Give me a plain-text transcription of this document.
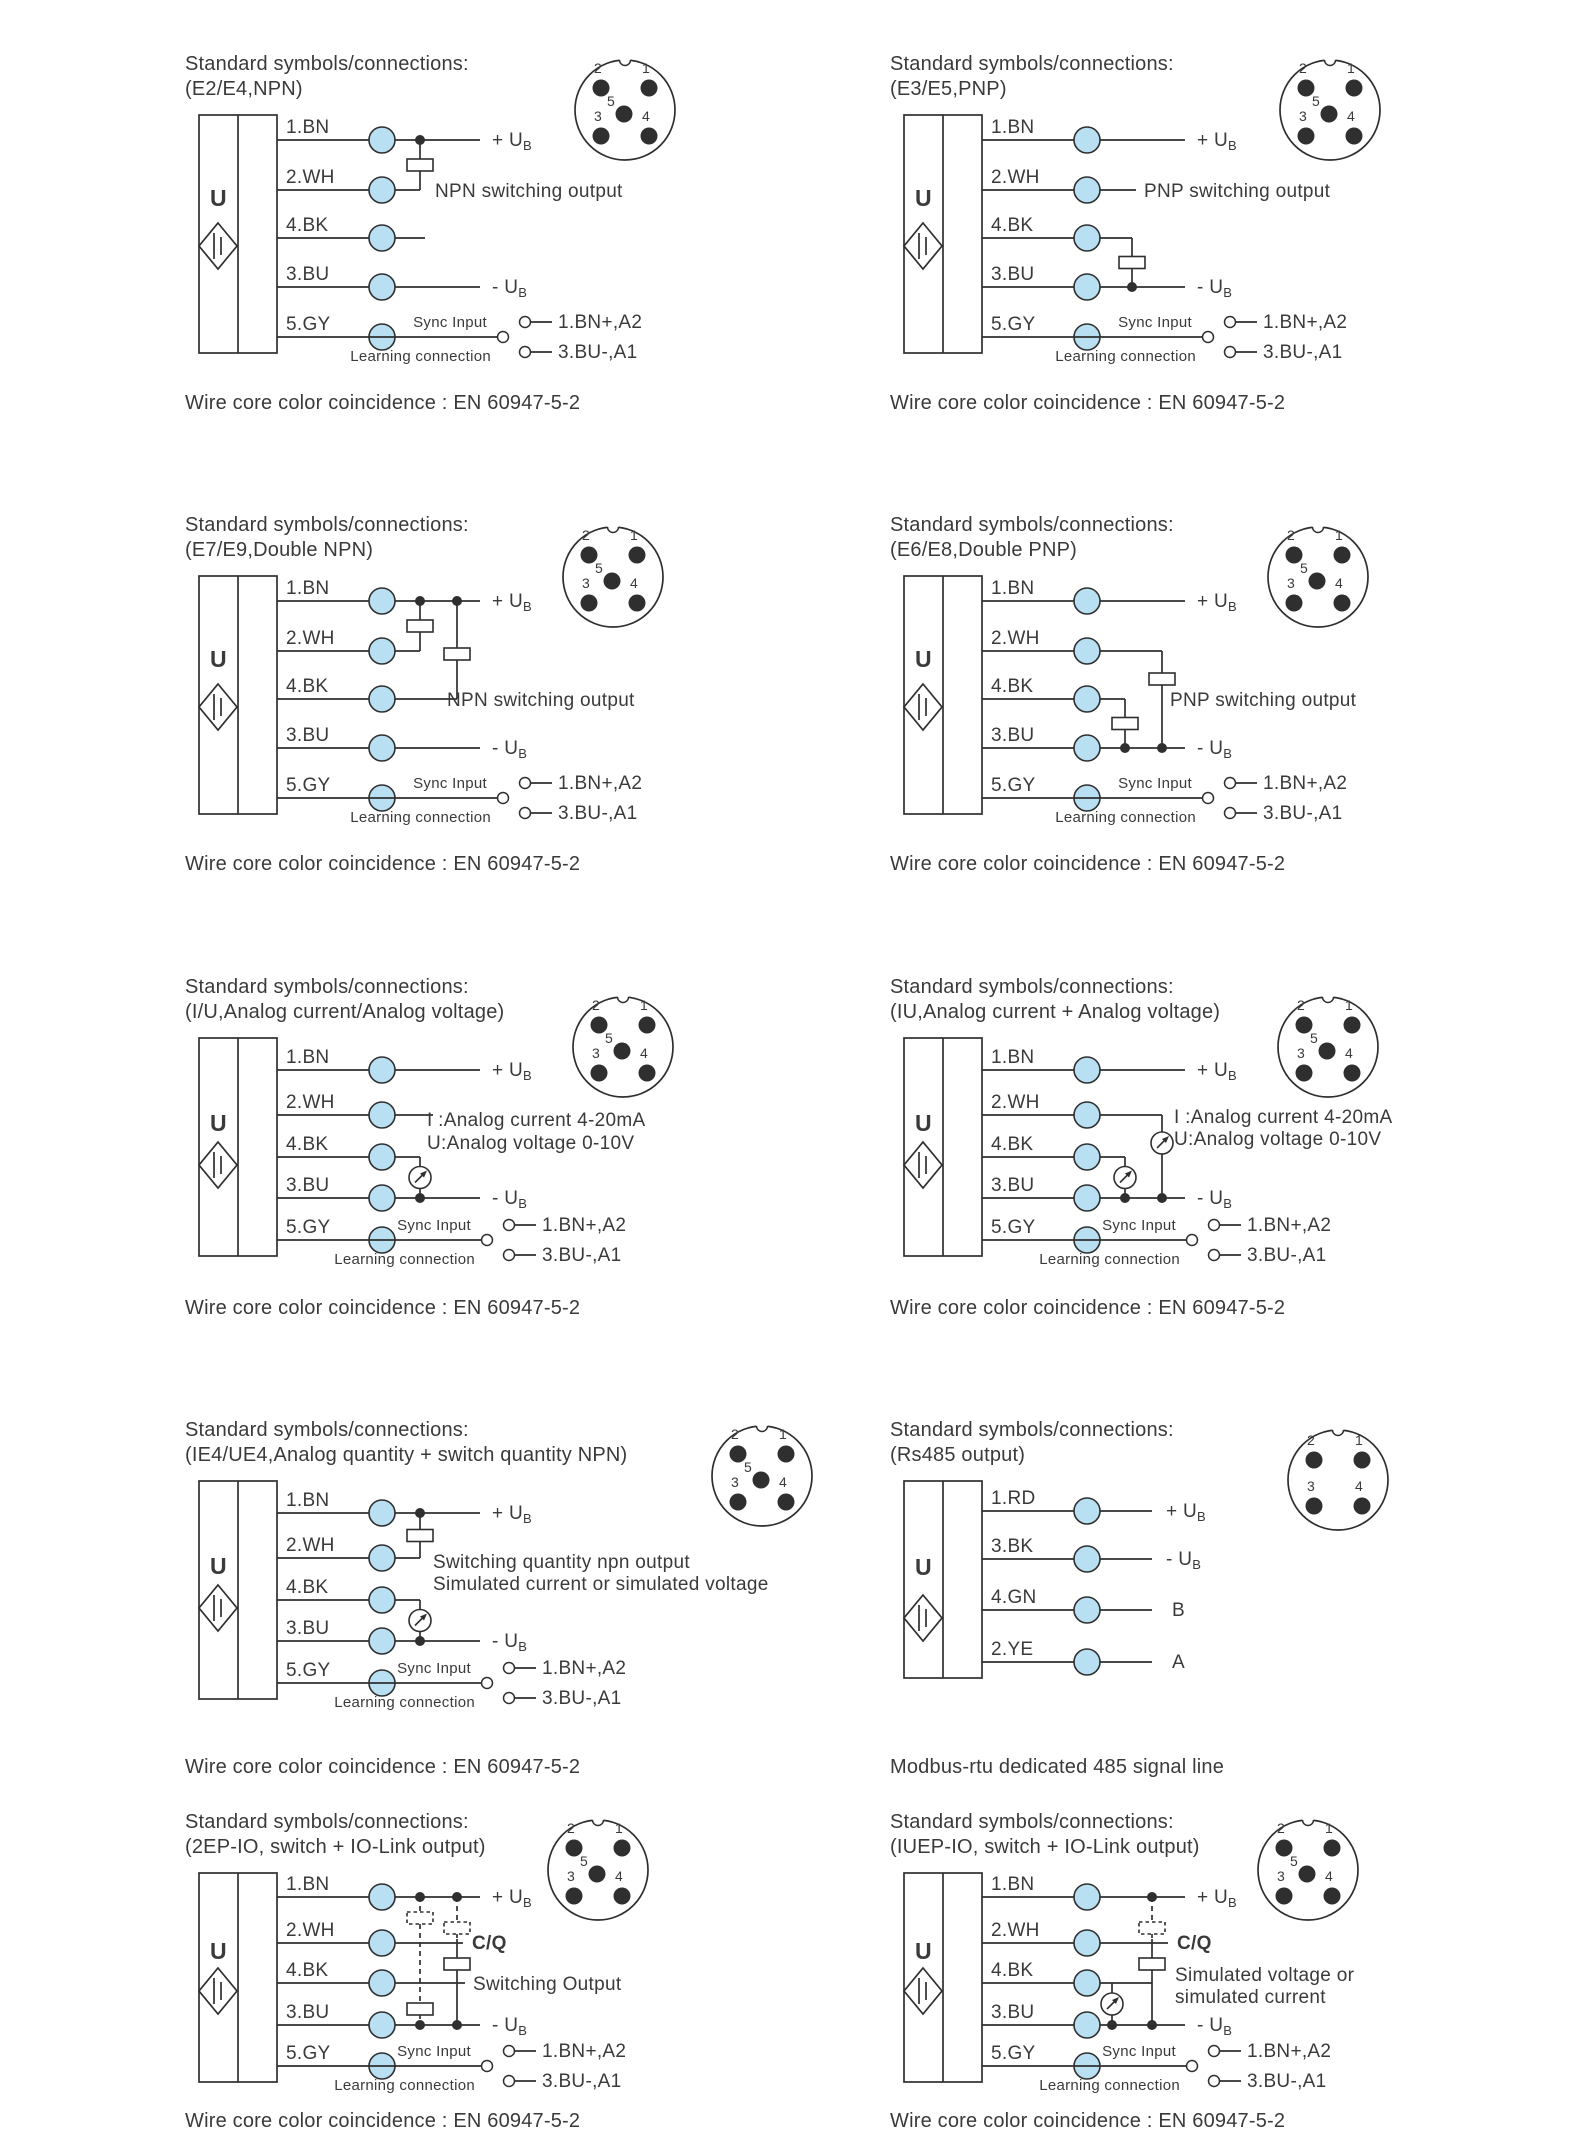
U
1.BN
2.WH
4.BK
3.BU
5.GY
NPN switching output
+ $U_B$
- $U_B$
Sync Input
Learning connection
1.BN+,A2
3.BU-,A1
2	1
5
3	4
Standard symbols/connections:
(E2/E4,NPN)
Wire core color coincidence : EN 60947-5-2
U
1.BN
2.WH
4.BK
3.BU
5.GY
PNP switching output
+ $U_B$
- $U_B$
Sync Input
Learning connection
1.BN+,A2
3.BU-,A1
2	1
5
3	4
Standard symbols/connections:
(E3/E5,PNP)
Wire core color coincidence : EN 60947-5-2
U
1.BN
2.WH
4.BK
3.BU
5.GY
NPN switching output
+ $U_B$
- $U_B$
Sync Input
Learning connection
1.BN+,A2
3.BU-,A1
2	1
5
3	4
Standard symbols/connections:
(E7/E9,Double NPN)
Wire core color coincidence : EN 60947-5-2
U
1.BN
2.WH
4.BK
3.BU
5.GY
PNP switching output
+ $U_B$
- $U_B$
Sync Input
Learning connection
1.BN+,A2
3.BU-,A1
2	1
5
3	4
Standard symbols/connections:
(E6/E8,Double PNP)
Wire core color coincidence : EN 60947-5-2
U
1.BN
2.WH
4.BK
3.BU
5.GY
I :Analog current 4-20mA
U:Analog voltage 0-10V
+ $U_B$
- $U_B$
Sync Input
Learning connection
1.BN+,A2
3.BU-,A1
2	1
5
3	4
Standard symbols/connections:
(I/U,Analog current/Analog voltage)
Wire core color coincidence : EN 60947-5-2
U
1.BN
2.WH
4.BK
3.BU
5.GY
I :Analog current 4-20mA
U:Analog voltage 0-10V
+ $U_B$
- $U_B$
Sync Input
Learning connection
1.BN+,A2
3.BU-,A1
2	1
5
3	4
Standard symbols/connections:
(IU,Analog current + Analog voltage)
Wire core color coincidence : EN 60947-5-2
U
1.BN
2.WH
4.BK
3.BU
5.GY
Switching quantity npn output
Simulated current or simulated voltage
+ $U_B$
- $U_B$
Sync Input
Learning connection
1.BN+,A2
3.BU-,A1
2	1
5
3	4
Standard symbols/connections:
(IE4/UE4,Analog quantity + switch quantity NPN)
Wire core color coincidence : EN 60947-5-2
U
1.RD
3.BK
4.GN
2.YE
+ $U_B$
- $U_B$
B
A
2	1
3	4
Standard symbols/connections:
(Rs485 output)
Modbus-rtu dedicated 485 signal line
U
1.BN
2.WH
4.BK
3.BU
5.GY
C/Q
Switching Output
+ $U_B$
- $U_B$
Sync Input
Learning connection
1.BN+,A2
3.BU-,A1
2	1
5
3	4
Standard symbols/connections:
(2EP-IO, switch + IO-Link output)
Wire core color coincidence : EN 60947-5-2
U
1.BN
2.WH
4.BK
3.BU
5.GY
C/Q
Simulated voltage or
simulated current
+ $U_B$
- $U_B$
Sync Input
Learning connection
1.BN+,A2
3.BU-,A1
2	1
5
3	4
Standard symbols/connections:
(IUEP-IO, switch + IO-Link output)
Wire core color coincidence : EN 60947-5-2
